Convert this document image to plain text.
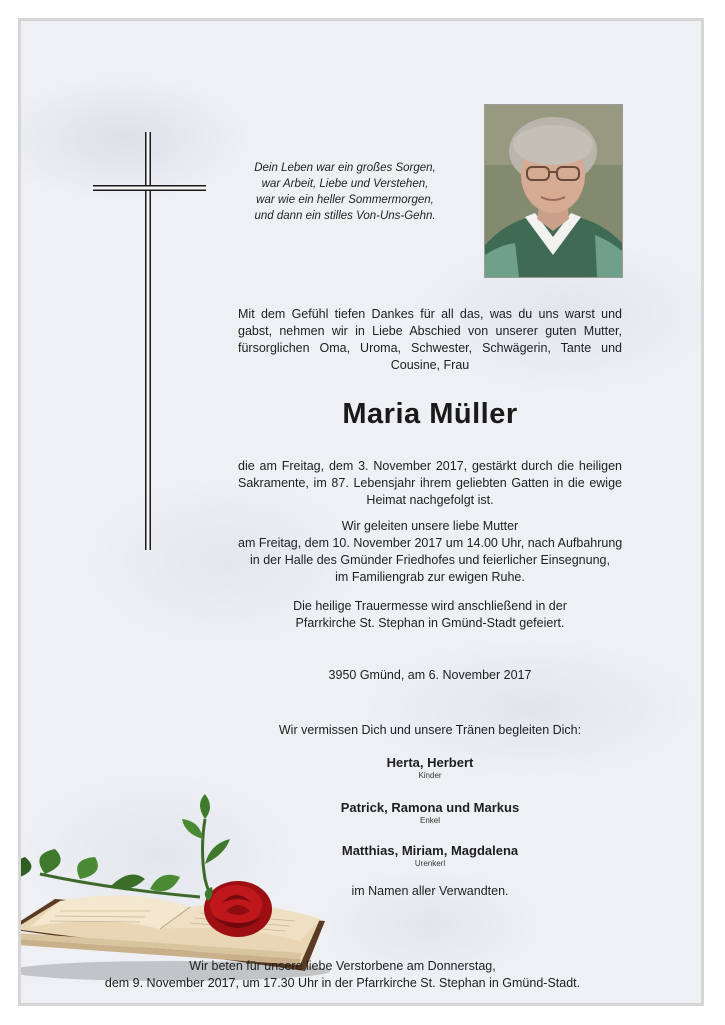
Dein Leben war ein großes Sorgen,
war Arbeit, Liebe und Verstehen,
war wie ein heller Sommermorgen,
und dann ein stilles Von-Uns-Gehn.
Mit dem Gefühl tiefen Dankes für all das, was du uns warst und gabst, nehmen wir in Liebe Abschied von unserer guten Mutter, fürsorglichen Oma, Uroma, Schwester, Schwägerin, Tante und Cousine, Frau
Maria Müller
die am Freitag, dem 3. November 2017, gestärkt durch die heiligen Sakramente, im 87. Lebensjahr ihrem geliebten Gatten in die ewige Heimat nachgefolgt ist.
Wir geleiten unsere liebe Mutter
am Freitag, dem 10. November 2017 um 14.00 Uhr, nach Aufbahrung
in der Halle des Gmünder Friedhofes und feierlicher Einsegnung,
im Familiengrab zur ewigen Ruhe.
Die heilige Trauermesse wird anschließend in der
Pfarrkirche St. Stephan in Gmünd-Stadt gefeiert.
3950 Gmünd, am 6. November 2017
Wir vermissen Dich und unsere Tränen begleiten Dich:
Herta, Herbert
Kinder
Patrick, Ramona und Markus
Enkel
Matthias, Miriam, Magdalena
Urenkerl
im Namen aller Verwandten.
Wir beten für unsere liebe Verstorbene am Donnerstag,
dem 9. November 2017, um 17.30 Uhr in der Pfarrkirche St. Stephan in Gmünd-Stadt.
